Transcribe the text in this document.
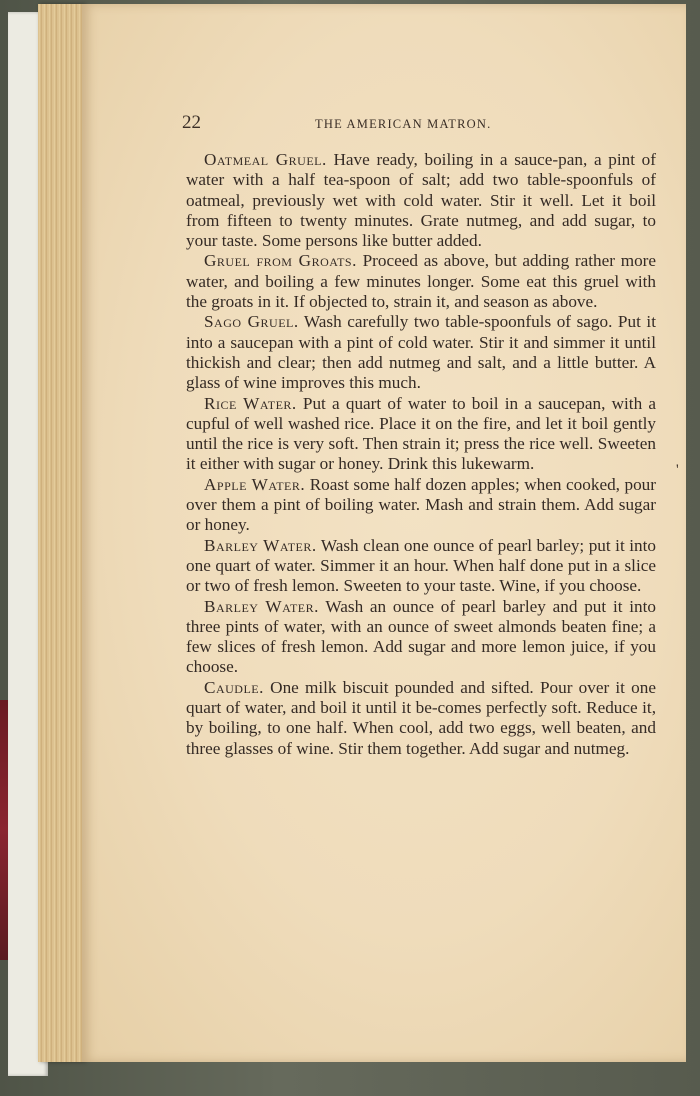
22	THE AMERICAN MATRON.

Oatmeal Gruel. Have ready, boiling in a sauce-pan, a pint of water with a half tea-spoon of salt; add two table-spoonfuls of oatmeal, previously wet with cold water. Stir it well. Let it boil from fifteen to twenty minutes. Grate nutmeg, and add sugar, to your taste. Some persons like butter added.

Gruel from Groats. Proceed as above, but adding rather more water, and boiling a few minutes longer. Some eat this gruel with the groats in it. If objected to, strain it, and season as above.

Sago Gruel. Wash carefully two table-spoonfuls of sago. Put it into a saucepan with a pint of cold water. Stir it and simmer it until thickish and clear; then add nutmeg and salt, and a little butter. A glass of wine improves this much.

Rice Water. Put a quart of water to boil in a saucepan, with a cupful of well washed rice. Place it on the fire, and let it boil gently until the rice is very soft. Then strain it; press the rice well. Sweeten it either with sugar or honey. Drink this lukewarm.

Apple Water. Roast some half dozen apples; when cooked, pour over them a pint of boiling water. Mash and strain them. Add sugar or honey.

Barley Water. Wash clean one ounce of pearl barley; put it into one quart of water. Simmer it an hour. When half done put in a slice or two of fresh lemon. Sweeten to your taste. Wine, if you choose.

Barley Water. Wash an ounce of pearl barley and put it into three pints of water, with an ounce of sweet almonds beaten fine; a few slices of fresh lemon. Add sugar and more lemon juice, if you choose.

Caudle. One milk biscuit pounded and sifted. Pour over it one quart of water, and boil it until it be-comes perfectly soft. Reduce it, by boiling, to one half. When cool, add two eggs, well beaten, and three glasses of wine. Stir them together. Add sugar and nutmeg.

'
